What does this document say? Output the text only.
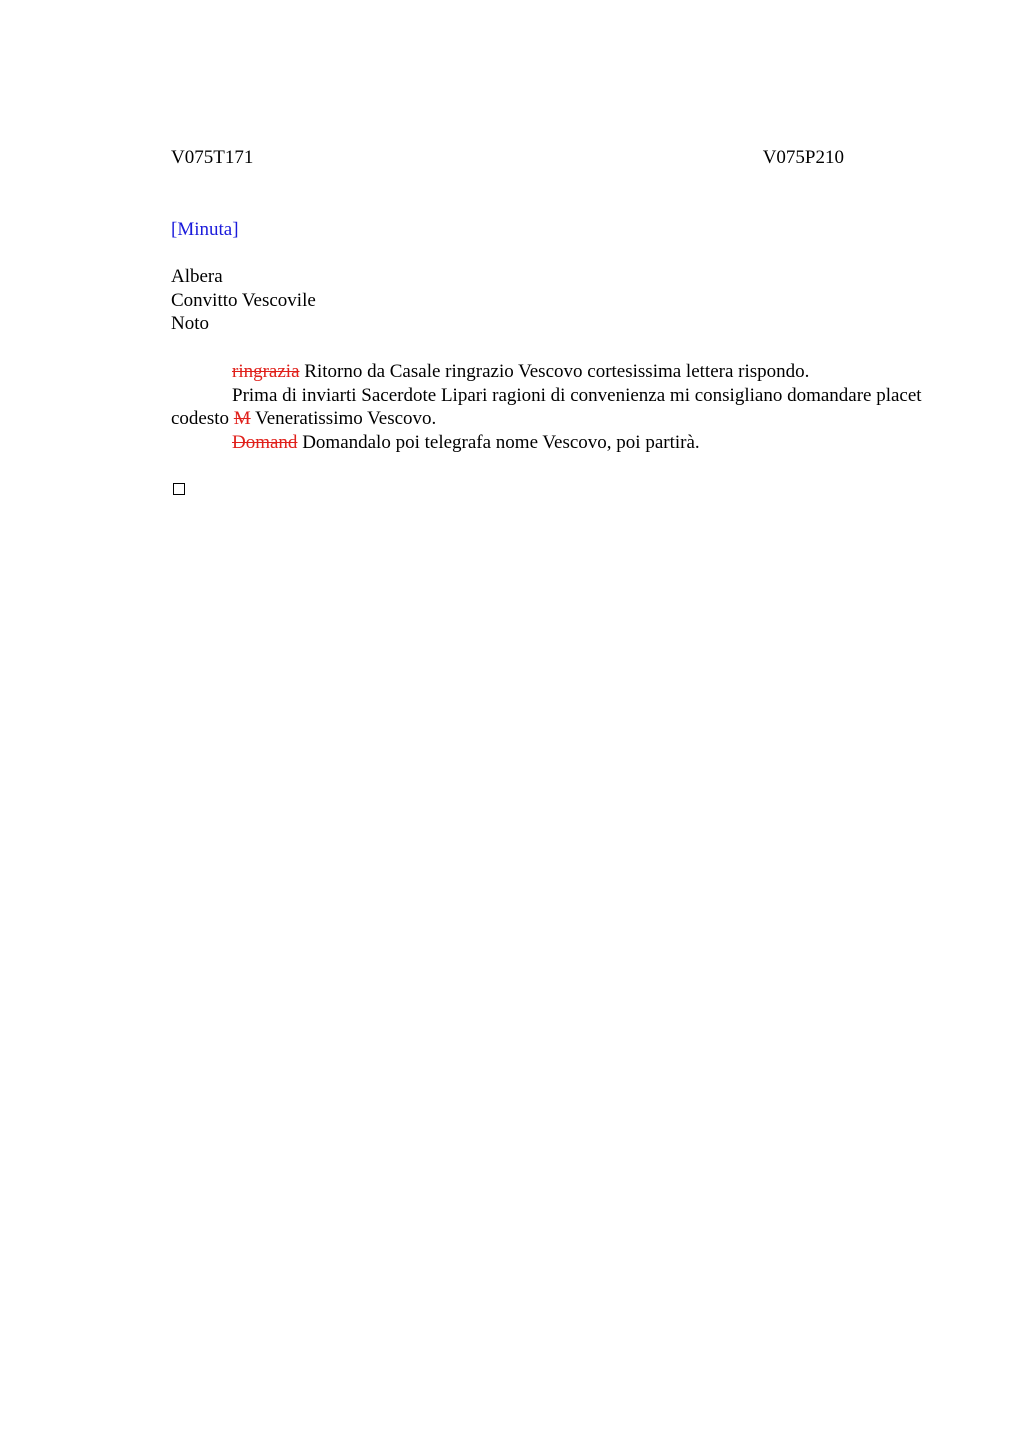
V075T171	V075P210
[Minuta]
Albera
Convitto Vescovile
Noto

ringrazia Ritorno da Casale ringrazio Vescovo cortesissima lettera rispondo.

Prima di inviarti Sacerdote Lipari ragioni di convenienza mi consigliano domandare placet codesto M Veneratissimo Vescovo.

Domand Domandalo poi telegrafa nome Vescovo, poi partirà.
